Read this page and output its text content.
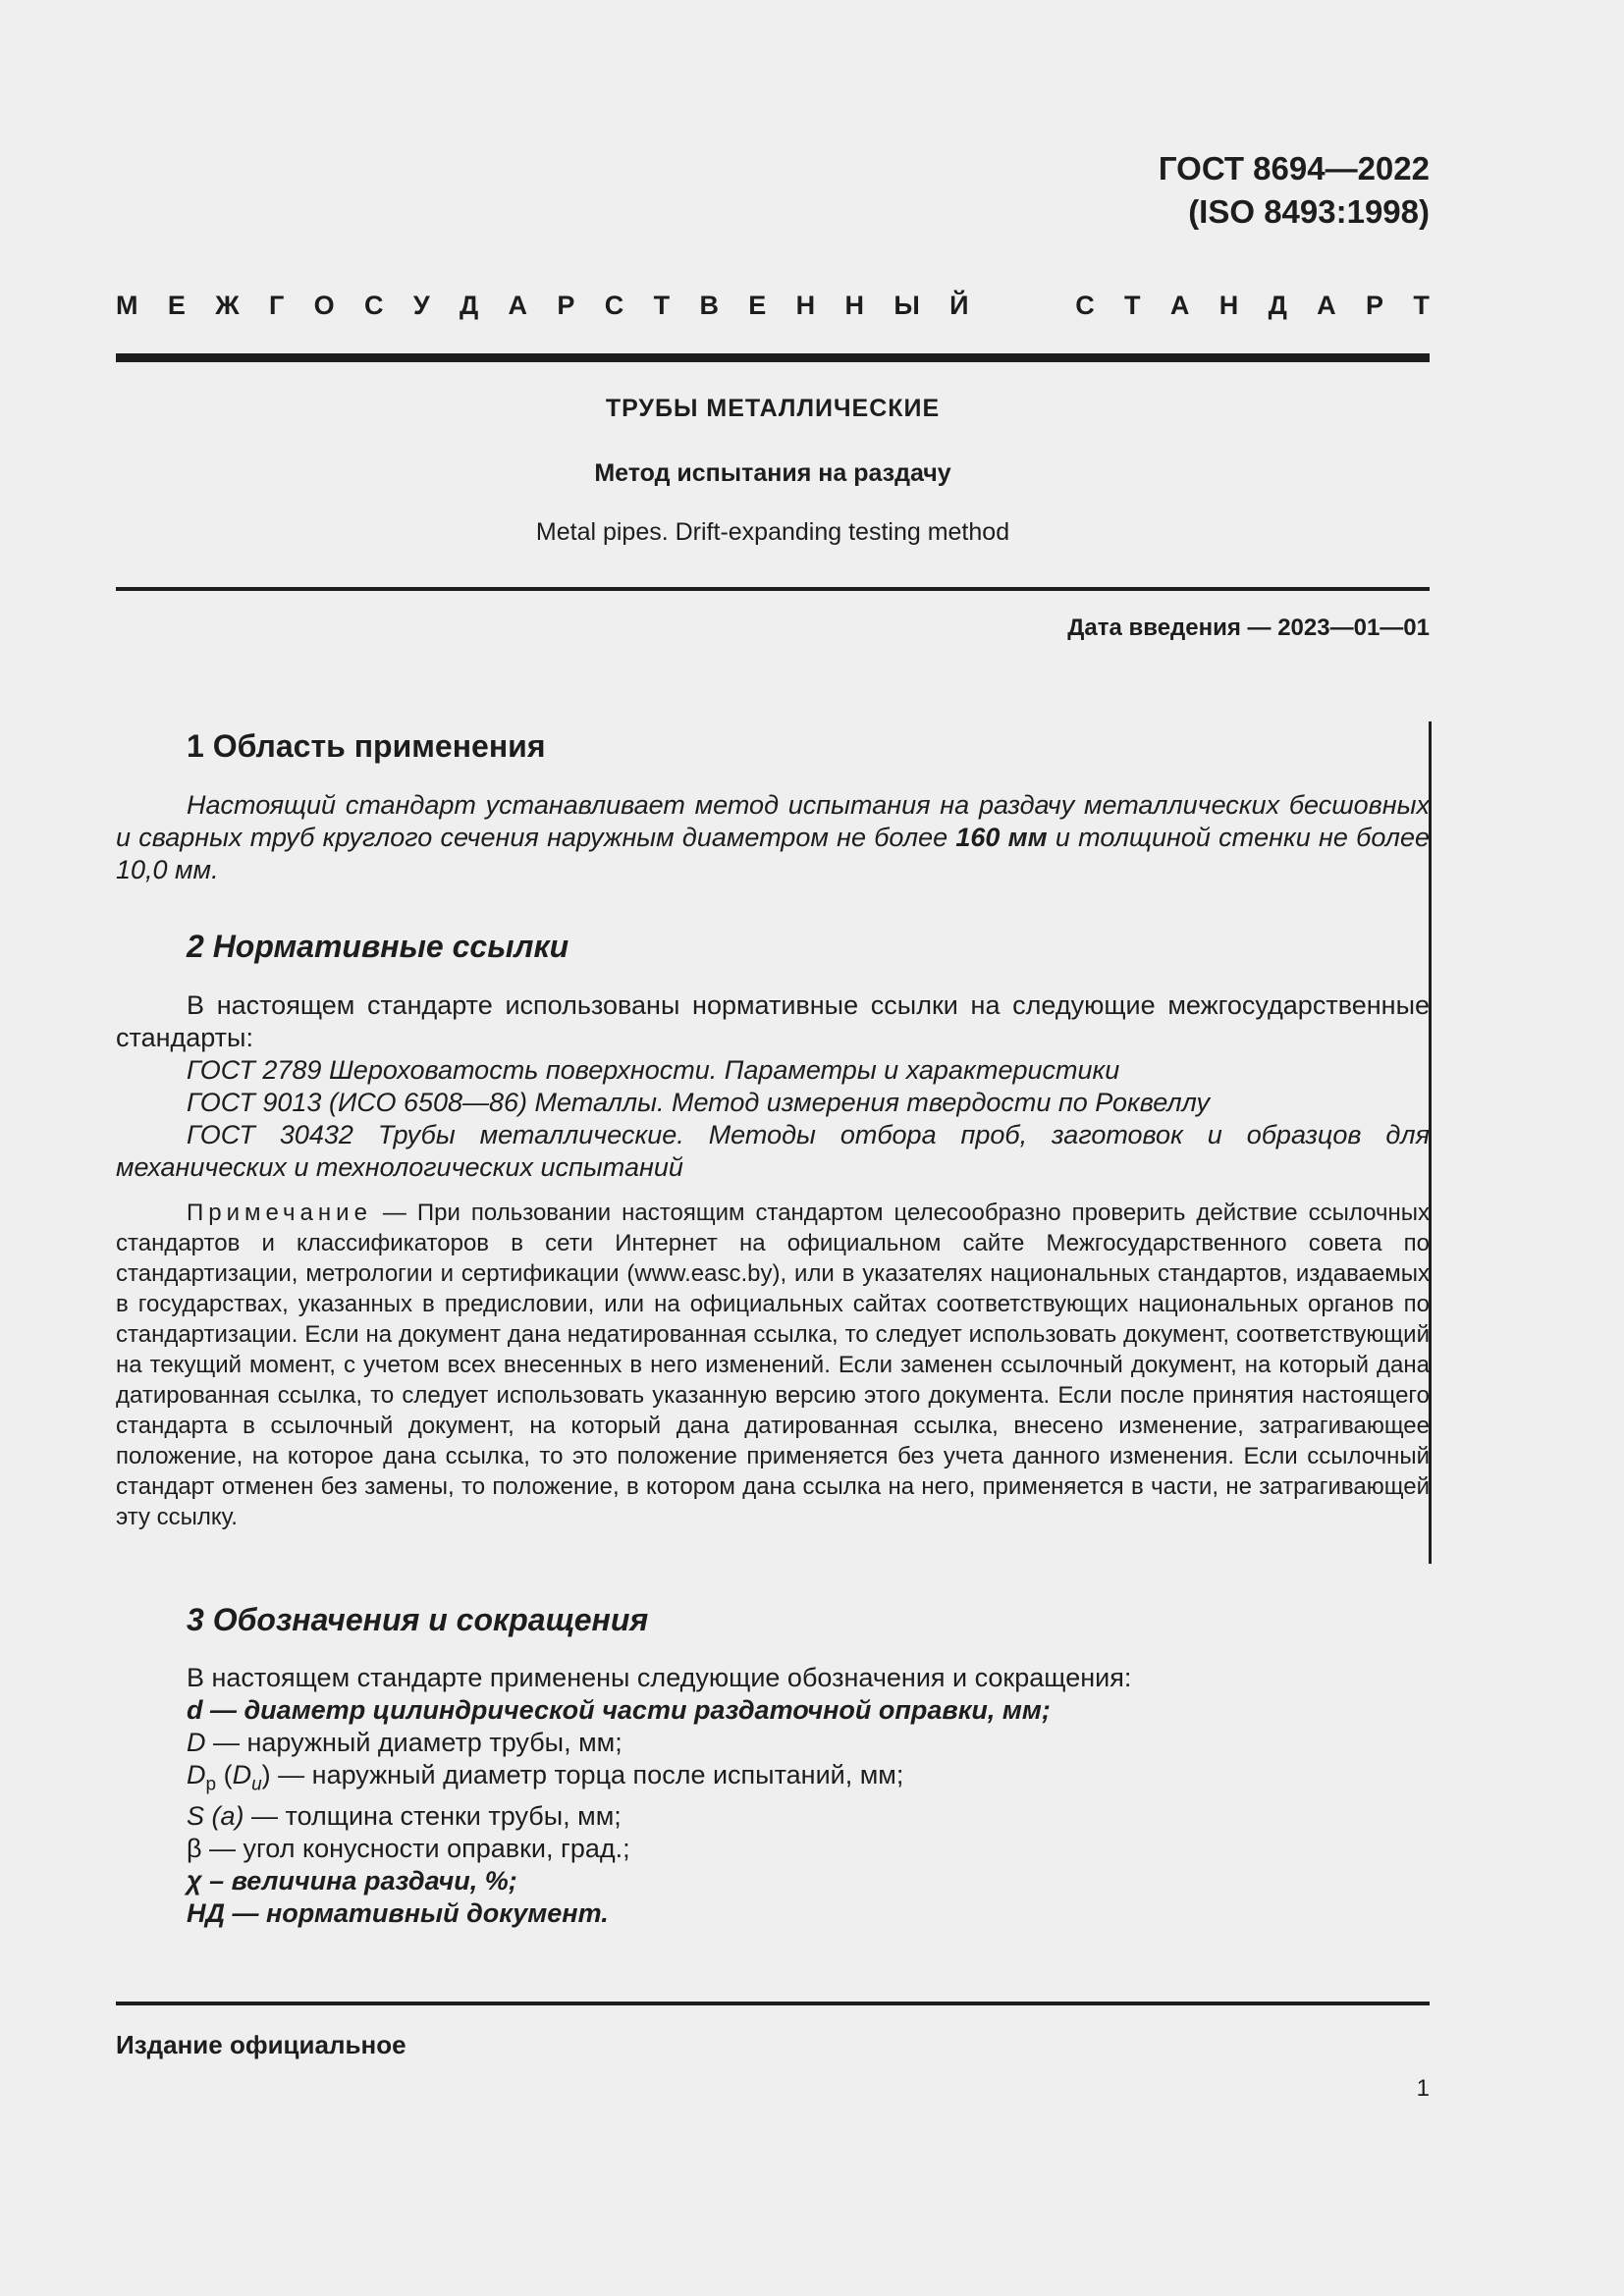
ГОСТ 8694—2022
(ISO 8493:1998)
М Е Ж Г О С У Д А Р С Т В Е Н Н Ы Й	С Т А Н Д А Р Т
ТРУБЫ МЕТАЛЛИЧЕСКИЕ
Метод испытания на раздачу
Metal pipes. Drift-expanding testing method
Дата введения — 2023—01—01
1 Область применения
Настоящий стандарт устанавливает метод испытания на раздачу металлических бесшовных и сварных труб круглого сечения наружным диаметром не более 160 мм и толщиной стенки не более 10,0 мм.
2 Нормативные ссылки
В настоящем стандарте использованы нормативные ссылки на следующие межгосударственные стандарты:
ГОСТ 2789 Шероховатость поверхности. Параметры и характеристики
ГОСТ 9013 (ИСО 6508—86) Металлы. Метод измерения твердости по Роквеллу
ГОСТ 30432 Трубы металлические. Методы отбора проб, заготовок и образцов для механических и технологических испытаний
Примечание — При пользовании настоящим стандартом целесообразно проверить действие ссылочных стандартов и классификаторов в сети Интернет на официальном сайте Межгосударственного совета по стандартизации, метрологии и сертификации (www.easc.by), или в указателях национальных стандартов, издаваемых в государствах, указанных в предисловии, или на официальных сайтах соответствующих национальных органов по стандартизации. Если на документ дана недатированная ссылка, то следует использовать документ, соответствующий на текущий момент, с учетом всех внесенных в него изменений. Если заменен ссылочный документ, на который дана датированная ссылка, то следует использовать указанную версию этого документа. Если после принятия настоящего стандарта в ссылочный документ, на который дана датированная ссылка, внесено изменение, затрагивающее положение, на которое дана ссылка, то это положение применяется без учета данного изменения. Если ссылочный стандарт отменен без замены, то положение, в котором дана ссылка на него, применяется в части, не затрагивающей эту ссылку.
3 Обозначения и сокращения
В настоящем стандарте применены следующие обозначения и сокращения:
d — диаметр цилиндрической части раздаточной оправки, мм;
D — наружный диаметр трубы, мм;
$D_p$ $(D_u)$ — наружный диаметр торца после испытаний, мм;
S (a) — толщина стенки трубы, мм;
β — угол конусности оправки, град.;
χ – величина раздачи, %;
НД — нормативный документ.
Издание официальное
1
